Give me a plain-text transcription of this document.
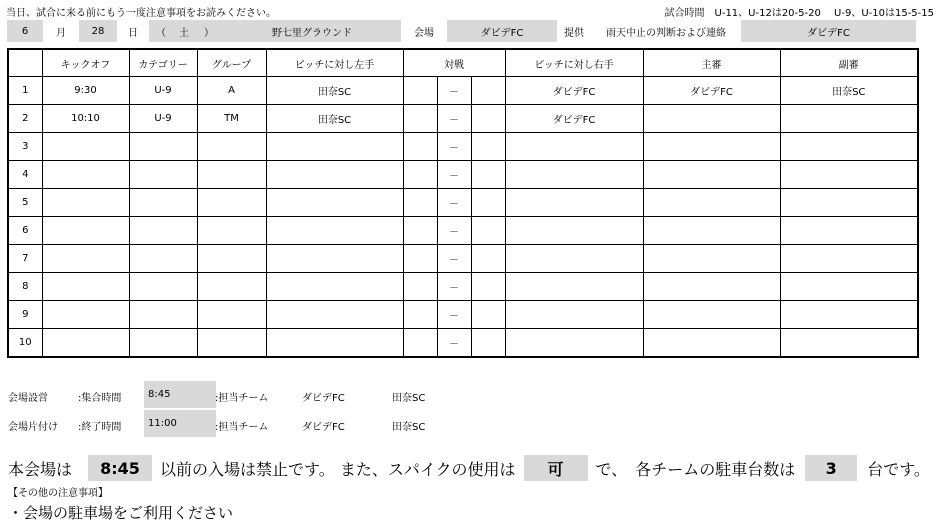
当日、試合に来る前にもう一度注意事項をお読みください。	試合時間　U-11、U-12は20-5-20　 U-9、U-10は15-5-15
6	月	28	日	（	土	）	野七里グラウンド	会場	ダビデFC	提供	雨天中止の判断および連絡	ダビデFC
	キックオフ	カテゴリー	グループ	ピッチに対し左手	対戦			ピッチに対し右手	主審	副審
1	9:30	U-9	A	田奈SC		－		ダビデFC	ダビデFC	田奈SC
2	10:10	U-9	TM	田奈SC		－		ダビデFC		
3						－				
4						－				
5						－				
6						－				
7						－				
8						－				
9						－				
10						－				
会場設営	:集合時間	8:45	:担当チーム	ダビデFC	田奈SC
会場片付け :終了時間	11:00	:担当チーム	ダビデFC	田奈SC
本会場は	8:45	以前の入場は禁止です。 また、スパイクの使用は	可	で、　各チームの駐車台数は	3	台です。
【その他の注意事項】
・会場の駐車場をご利用ください
